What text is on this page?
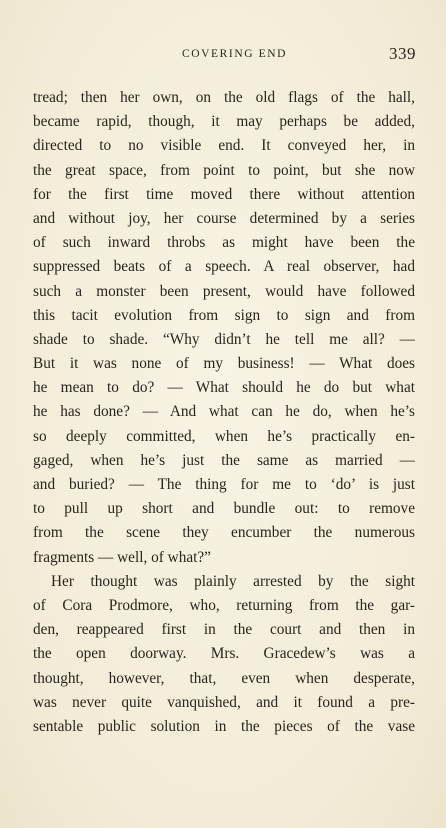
COVERING END	339
tread; then her own, on the old flags of the hall,
became rapid, though, it may perhaps be added,
directed to no visible end. It conveyed her, in
the great space, from point to point, but she now
for the first time moved there without attention
and without joy, her course determined by a series
of such inward throbs as might have been the
suppressed beats of a speech. A real observer, had
such a monster been present, would have followed
this tacit evolution from sign to sign and from
shade to shade. “Why didn’t he tell me all? —
But it was none of my business! — What does
he mean to do? — What should he do but what
he has done? — And what can he do, when he’s
so deeply committed, when he’s practically en-
gaged, when he’s just the same as married —
and buried? — The thing for me to ‘do’ is just
to pull up short and bundle out: to remove
from the scene they encumber the numerous
fragments — well, of what?”
Her thought was plainly arrested by the sight
of Cora Prodmore, who, returning from the gar-
den, reappeared first in the court and then in
the open doorway. Mrs. Gracedew’s was a
thought, however, that, even when desperate,
was never quite vanquished, and it found a pre-
sentable public solution in the pieces of the vase
